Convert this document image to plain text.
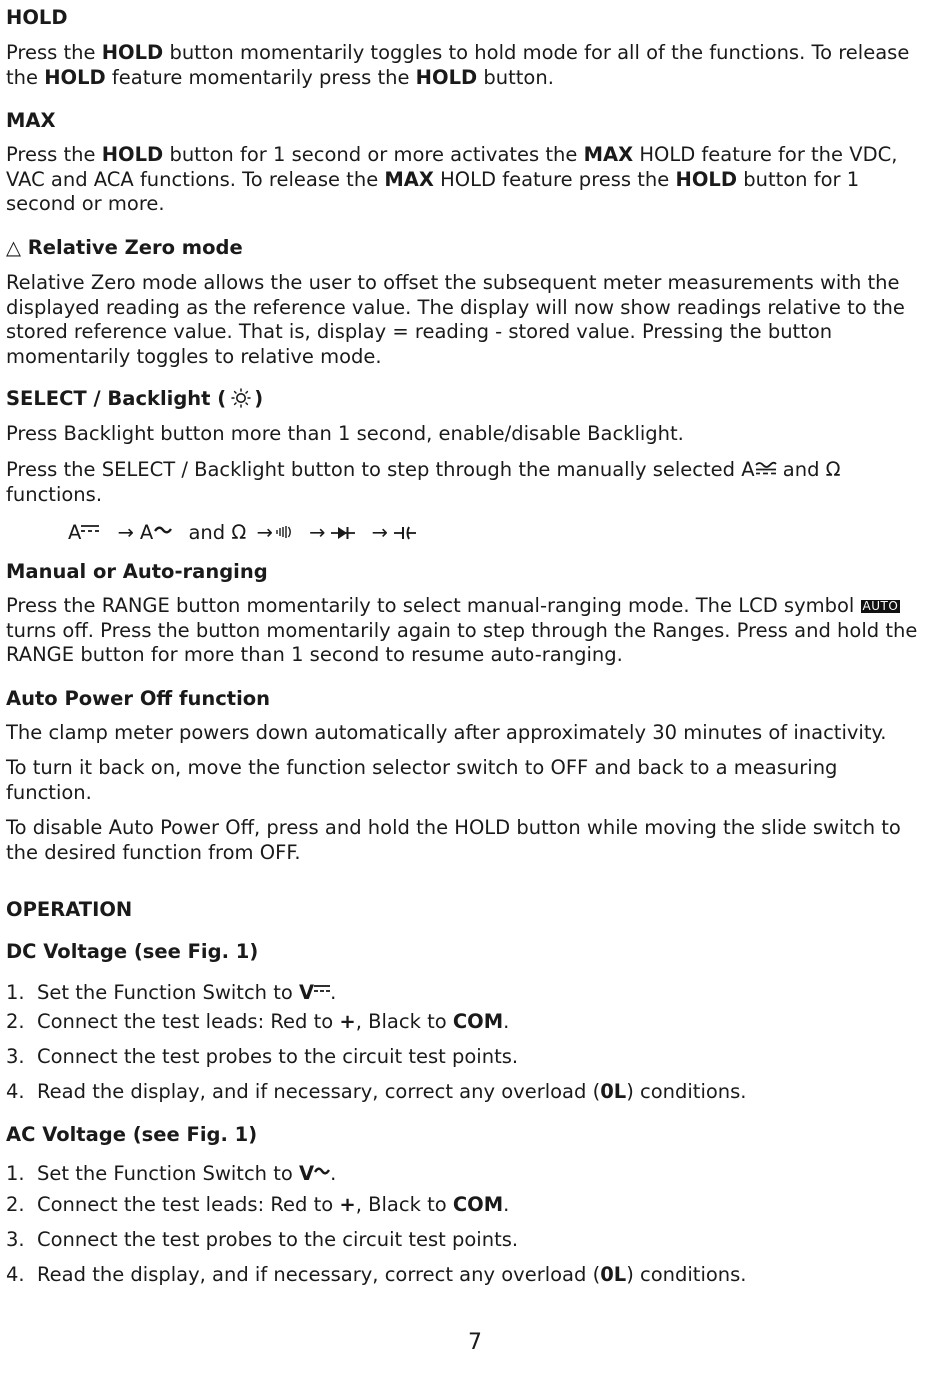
HOLD
Press the HOLD button momentarily toggles to hold mode for all of the functions. To release the HOLD feature momentarily press the HOLD button.
MAX
Press the HOLD button for 1 second or more activates the MAX HOLD feature for the VDC, VAC and ACA functions. To release the MAX HOLD feature press the HOLD button for 1 second or more.
△ Relative Zero mode
Relative Zero mode allows the user to offset the subsequent meter measurements with the displayed reading as the reference value. The display will now show readings relative to the stored reference value. That is, display = reading - stored value. Pressing the button momentarily toggles to relative mode.
SELECT / Backlight ( )
Press Backlight button more than 1 second, enable/disable Backlight.
Press the SELECT / Backlight button to step through the manually selected A and Ω
functions.
A → A and Ω → → →
Manual or Auto-ranging
Press the RANGE button momentarily to select manual-ranging mode. The LCD symbol AUTO turns off. Press the button momentarily again to step through the Ranges. Press and hold the RANGE button for more than 1 second to resume auto-ranging.
Auto Power Off function
The clamp meter powers down automatically after approximately 30 minutes of inactivity.
To turn it back on, move the function selector switch to OFF and back to a measuring function.
To disable Auto Power Off, press and hold the HOLD button while moving the slide switch to the desired function from OFF.
OPERATION
DC Voltage (see Fig. 1)
1. Set the Function Switch to V .
2. Connect the test leads: Red to +, Black to COM.
3. Connect the test probes to the circuit test points.
4. Read the display, and if necessary, correct any overload (0L) conditions.
AC Voltage (see Fig. 1)
1. Set the Function Switch to V .
2. Connect the test leads: Red to +, Black to COM.
3. Connect the test probes to the circuit test points.
4. Read the display, and if necessary, correct any overload (0L) conditions.
7
